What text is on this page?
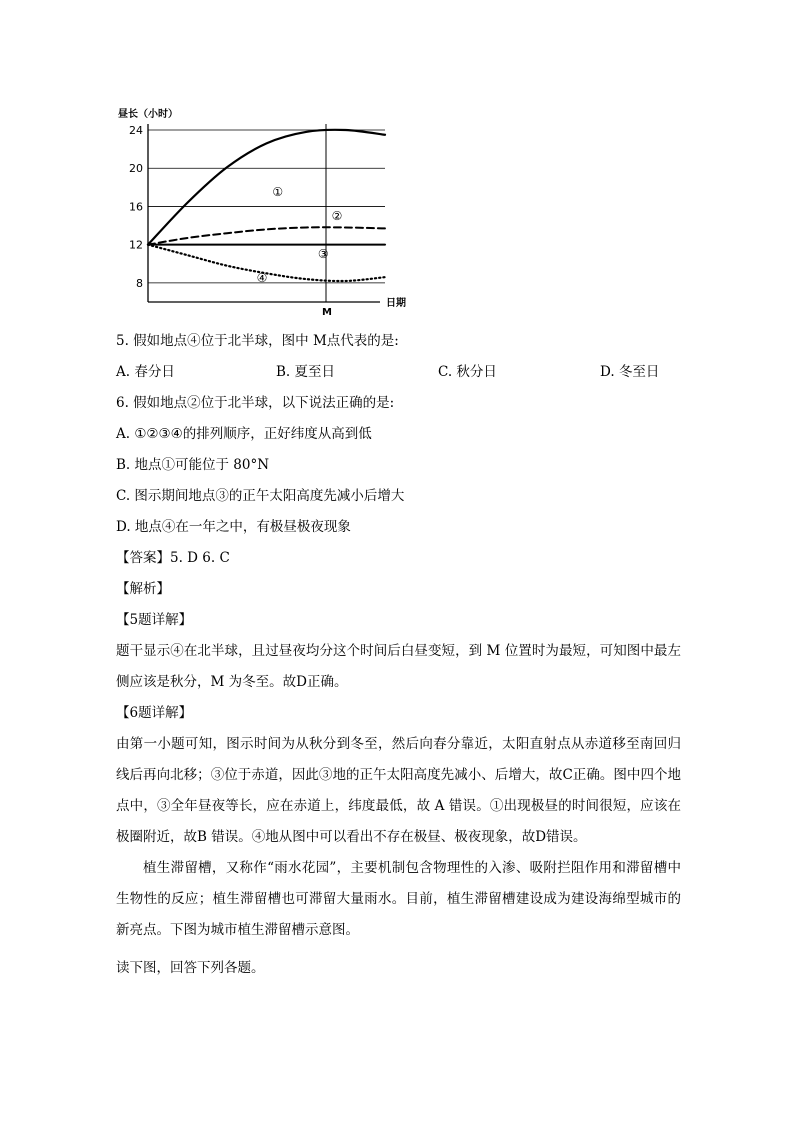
昼长（小时）
24
20
16
12
8
日期
M
①
②
③
④
5. 假如地点④位于北半球，图中 M点代表的是:
A. 春分日	B. 夏至日	C. 秋分日	D. 冬至日
6. 假如地点②位于北半球，以下说法正确的是:
A. ①②③④的排列顺序，正好纬度从高到低
B. 地点①可能位于 80°N
C. 图示期间地点③的正午太阳高度先减小后增大
D. 地点④在一年之中，有极昼极夜现象
【答案】5. D 6. C
【解析】
【5题详解】
题干显示④在北半球，且过昼夜均分这个时间后白昼变短，到 M 位置时为最短，可知图中最左侧应该是秋分，M 为冬至。故D正确。
【6题详解】
由第一小题可知，图示时间为从秋分到冬至，然后向春分靠近，太阳直射点从赤道移至南回归线后再向北移；③位于赤道，因此③地的正午太阳高度先减小、后增大，故C正确。图中四个地点中，③全年昼夜等长，应在赤道上，纬度最低，故 A 错误。①出现极昼的时间很短，应该在极圈附近，故B 错误。④地从图中可以看出不存在极昼、极夜现象，故D错误。
植生滞留槽，又称作“雨水花园”，主要机制包含物理性的入渗、吸附拦阻作用和滞留槽中生物性的反应；植生滞留槽也可滞留大量雨水。目前，植生滞留槽建设成为建设海绵型城市的新亮点。下图为城市植生滞留槽示意图。
读下图，回答下列各题。
